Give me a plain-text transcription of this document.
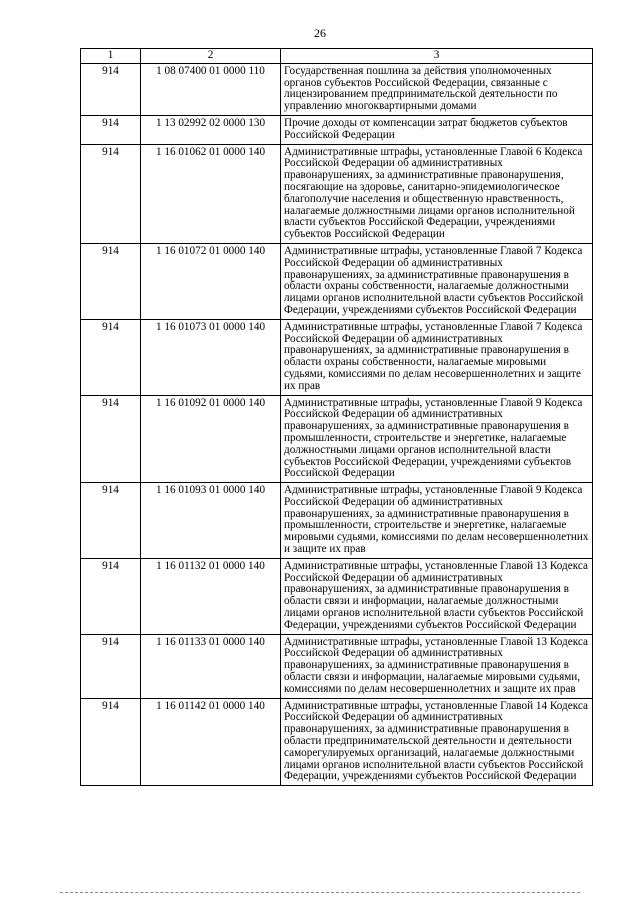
26
1	2	3
914	1 08 07400 01 0000 110	Государственная пошлина за действия уполномоченных органов субъектов Российской Федерации, связанные с лицензированием предпринимательской деятельности по управлению многоквартирными домами
914	1 13 02992 02 0000 130	Прочие доходы от компенсации затрат бюджетов субъектов Российской Федерации
914	1 16 01062 01 0000 140	Административные штрафы, установленные Главой 6 Кодекса Российской Федерации об административных правонарушениях, за административные правонарушения, посягающие на здоровье, санитарно-эпидемиологическое благополучие населения и общественную нравственность, налагаемые должностными лицами органов исполнительной власти субъектов Российской Федерации, учреждениями субъектов Российской Федерации
914	1 16 01072 01 0000 140	Административные штрафы, установленные Главой 7 Кодекса Российской Федерации об административных правонарушениях, за административные правонарушения в области охраны собственности, налагаемые должностными лицами органов исполнительной власти субъектов Российской Федерации, учреждениями субъектов Российской Федерации
914	1 16 01073 01 0000 140	Административные штрафы, установленные Главой 7 Кодекса Российской Федерации об административных правонарушениях, за административные правонарушения в области охраны собственности, налагаемые мировыми судьями, комиссиями по делам несовершеннолетних и защите их прав
914	1 16 01092 01 0000 140	Административные штрафы, установленные Главой 9 Кодекса Российской Федерации об административных правонарушениях, за административные правонарушения в промышленности, строительстве и энергетике, налагаемые должностными лицами органов исполнительной власти субъектов Российской Федерации, учреждениями субъектов Российской Федерации
914	1 16 01093 01 0000 140	Административные штрафы, установленные Главой 9 Кодекса Российской Федерации об административных правонарушениях, за административные правонарушения в промышленности, строительстве и энергетике, налагаемые мировыми судьями, комиссиями по делам несовершеннолетних и защите их прав
914	1 16 01132 01 0000 140	Административные штрафы, установленные Главой 13 Кодекса Российской Федерации об административных правонарушениях, за административные правонарушения в области связи и информации, налагаемые должностными лицами органов исполнительной власти субъектов Российской Федерации, учреждениями субъектов Российской Федерации
914	1 16 01133 01 0000 140	Административные штрафы, установленные Главой 13 Кодекса Российской Федерации об административных правонарушениях, за административные правонарушения в области связи и информации, налагаемые мировыми судьями, комиссиями по делам несовершеннолетних и защите их прав
914	1 16 01142 01 0000 140	Административные штрафы, установленные Главой 14 Кодекса Российской Федерации об административных правонарушениях, за административные правонарушения в области предпринимательской деятельности и деятельности саморегулируемых организаций, налагаемые должностными лицами органов исполнительной власти субъектов Российской Федерации, учреждениями субъектов Российской Федерации
